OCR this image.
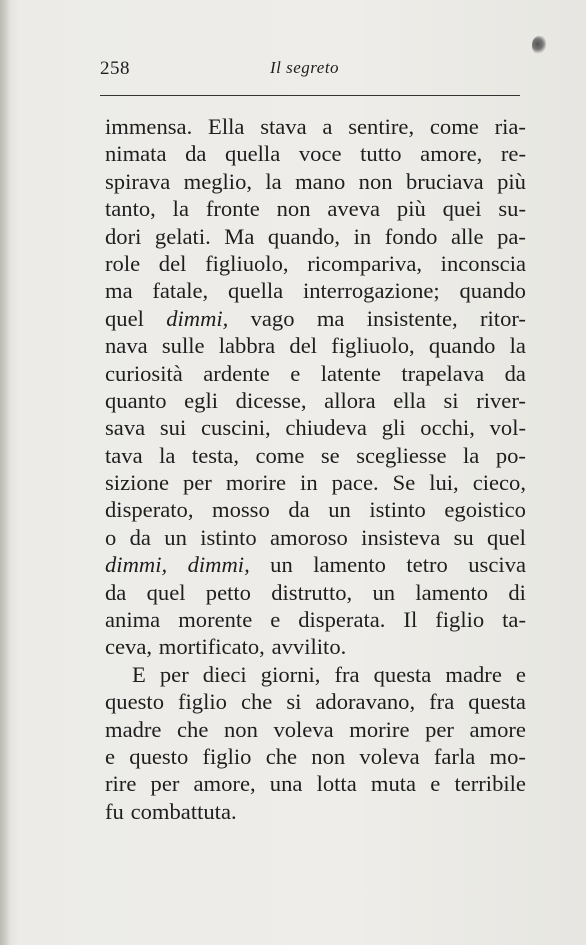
258	Il segreto
immensa. Ella stava a sentire, come ria-
nimata da quella voce tutto amore, re-
spirava meglio, la mano non bruciava più
tanto, la fronte non aveva più quei su-
dori gelati. Ma quando, in fondo alle pa-
role del figliuolo, ricompariva, inconscia
ma fatale, quella interrogazione; quando
quel dimmi, vago ma insistente, ritor-
nava sulle labbra del figliuolo, quando la
curiosità ardente e latente trapelava da
quanto egli dicesse, allora ella si river-
sava sui cuscini, chiudeva gli occhi, vol-
tava la testa, come se scegliesse la po-
sizione per morire in pace. Se lui, cieco,
disperato, mosso da un istinto egoistico
o da un istinto amoroso insisteva su quel
dimmi, dimmi, un lamento tetro usciva
da quel petto distrutto, un lamento di
anima morente e disperata. Il figlio ta-
ceva, mortificato, avvilito.
E per dieci giorni, fra questa madre e
questo figlio che si adoravano, fra questa
madre che non voleva morire per amore
e questo figlio che non voleva farla mo-
rire per amore, una lotta muta e terribile
fu combattuta.
